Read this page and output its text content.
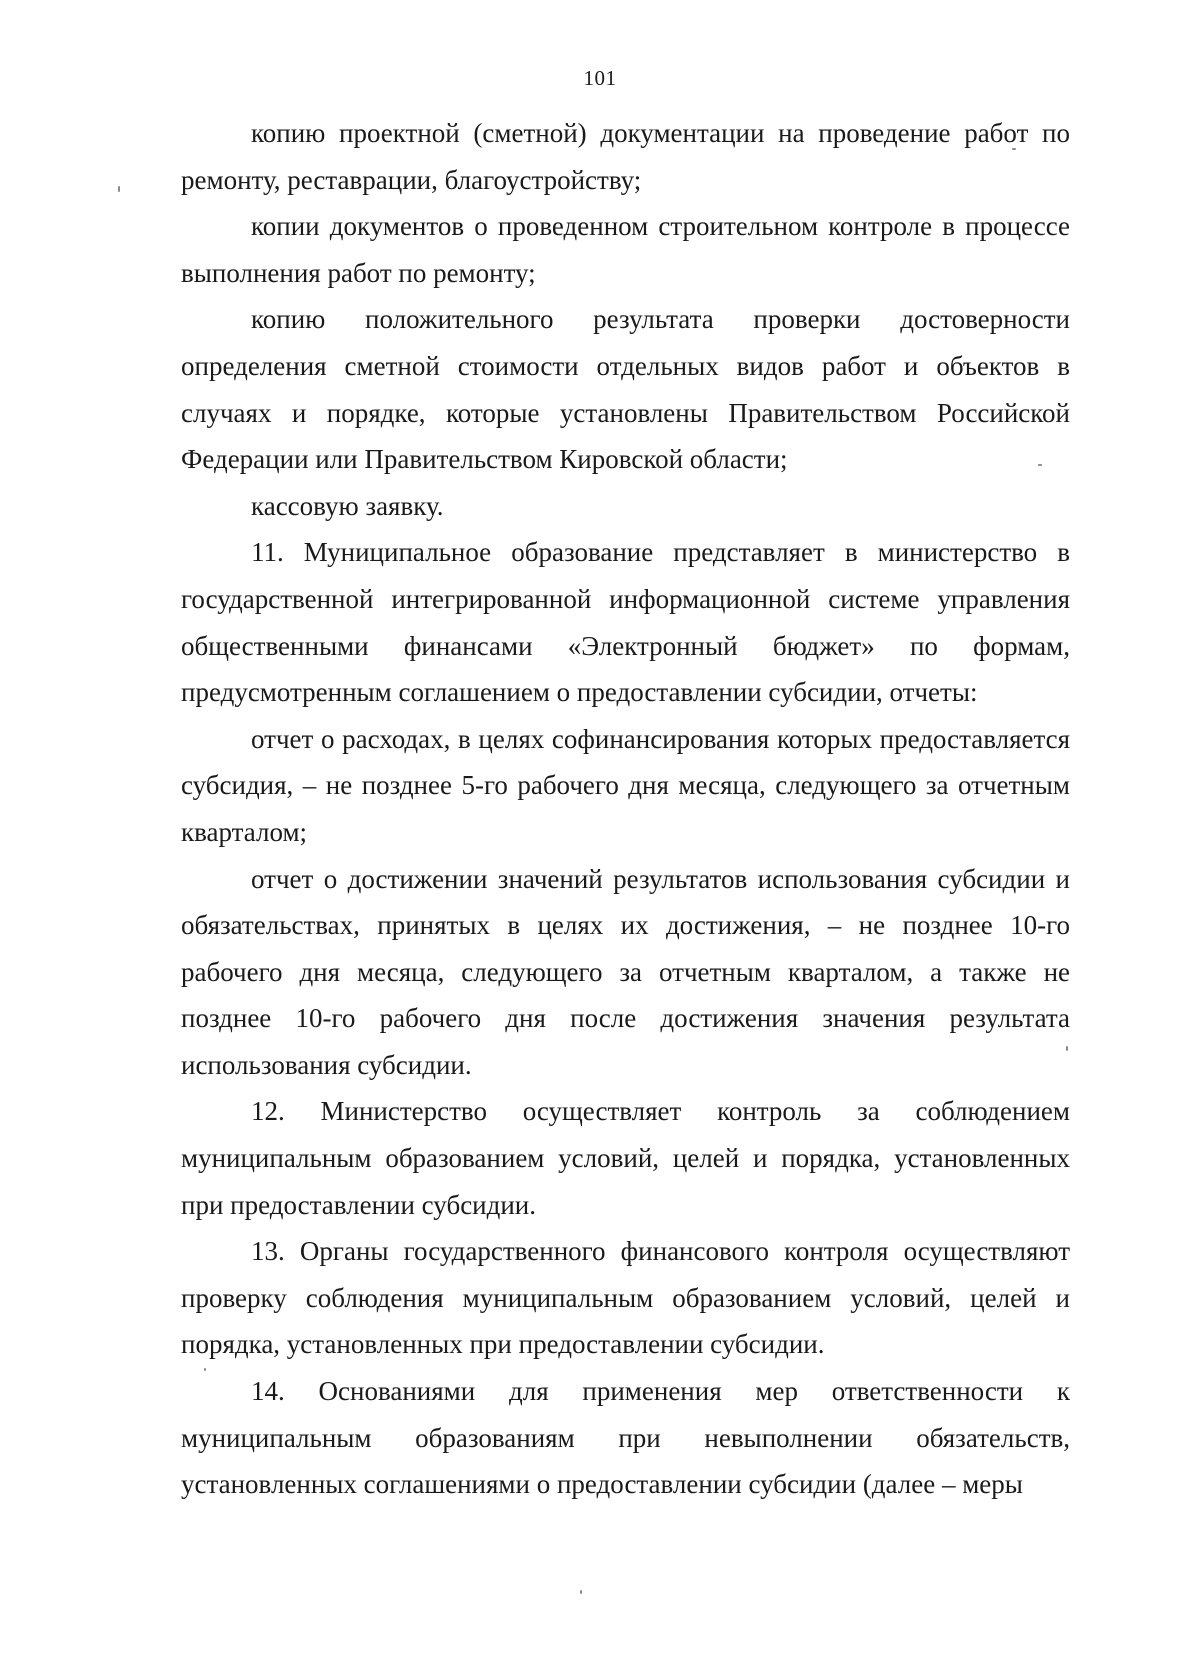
101

копию проектной (сметной) документации на проведение работ по ремонту, реставрации, благоустройству;

копии документов о проведенном строительном контроле в процессе выполнения работ по ремонту;

копию положительного результата проверки достоверности определения сметной стоимости отдельных видов работ и объектов в случаях и порядке, которые установлены Правительством Российской Федерации или Правительством Кировской области;

кассовую заявку.

11. Муниципальное образование представляет в министерство в государственной интегрированной информационной системе управления общественными финансами «Электронный бюджет» по формам, предусмотренным соглашением о предоставлении субсидии, отчеты:

отчет о расходах, в целях софинансирования которых предоставляется субсидия, – не позднее 5-го рабочего дня месяца, следующего за отчетным кварталом;

отчет о достижении значений результатов использования субсидии и обязательствах, принятых в целях их достижения, – не позднее 10-го рабочего дня месяца, следующего за отчетным кварталом, а также не позднее 10-го рабочего дня после достижения значения результата использования субсидии.

12. Министерство осуществляет контроль за соблюдением муниципальным образованием условий, целей и порядка, установленных при предоставлении субсидии.

13. Органы государственного финансового контроля осуществляют проверку соблюдения муниципальным образованием условий, целей и порядка, установленных при предоставлении субсидии.

14. Основаниями для применения мер ответственности к муниципальным образованиям при невыполнении обязательств, установленных соглашениями о предоставлении субсидии (далее – меры
